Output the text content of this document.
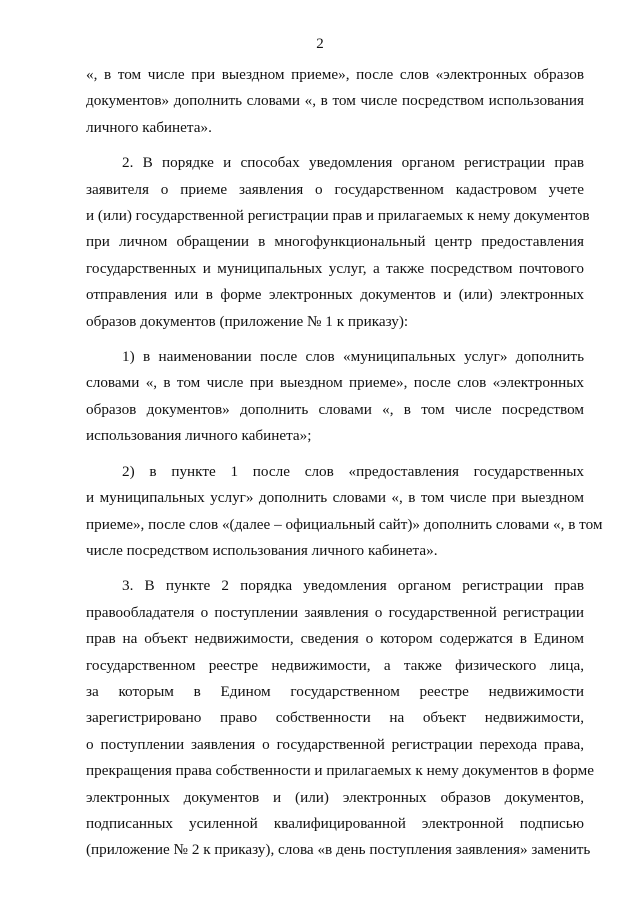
2

«, в том числе при выездном приеме», после слов «электронных образов
документов» дополнить словами «, в том числе посредством использования
личного кабинета».

2. В порядке и способах уведомления органом регистрации прав
заявителя о приеме заявления о государственном кадастровом учете
и (или) государственной регистрации прав и прилагаемых к нему документов
при личном обращении в многофункциональный центр предоставления
государственных и муниципальных услуг, а также посредством почтового
отправления или в форме электронных документов и (или) электронных
образов документов (приложение № 1 к приказу):

1) в наименовании после слов «муниципальных услуг» дополнить
словами «, в том числе при выездном приеме», после слов «электронных
образов документов» дополнить словами «, в том числе посредством
использования личного кабинета»;

2) в пункте 1 после слов «предоставления государственных
и муниципальных услуг» дополнить словами «, в том числе при выездном
приеме», после слов «(далее – официальный сайт)» дополнить словами «, в том
числе посредством использования личного кабинета».

3. В пункте 2 порядка уведомления органом регистрации прав
правообладателя о поступлении заявления о государственной регистрации
прав на объект недвижимости, сведения о котором содержатся в Едином
государственном реестре недвижимости, а также физического лица,
за которым в Едином государственном реестре недвижимости
зарегистрировано право собственности на объект недвижимости,
о поступлении заявления о государственной регистрации перехода права,
прекращения права собственности и прилагаемых к нему документов в форме
электронных документов и (или) электронных образов документов,
подписанных усиленной квалифицированной электронной подписью
(приложение № 2 к приказу), слова «в день поступления заявления» заменить
